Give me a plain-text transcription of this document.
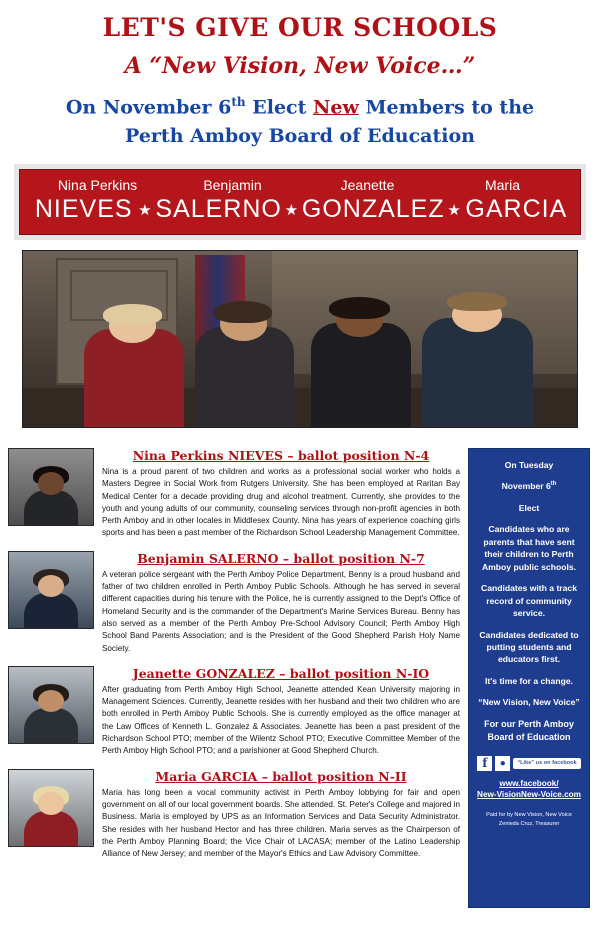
LET'S GIVE OUR SCHOOLS
A “New Vision, New Voice…”
On November 6th Elect New Members to the
Perth Amboy Board of Education
Nina Perkins	Benjamin	Jeanette	Maria
NIEVES ★ SALERNO ★ GONZALEZ ★ GARCIA
Nina Perkins NIEVES – ballot position N-4
Nina is a proud parent of two children and works as a professional social worker who holds a Masters Degree in Social Work from Rutgers University. She has been employed at Raritan Bay Medical Center for a decade providing drug and alcohol treatment. Currently, she provides to the youth and young adults of our community, counseling services through non-profit agencies in both Perth Amboy and in other locales in Middlesex County. Nina has years of experience coaching girls sports and has been a past member of the Richardson School Leadership Management Committee.
Benjamin SALERNO – ballot position N-7
A veteran police sergeant with the Perth Amboy Police Department, Benny is a proud husband and father of two children enrolled in Perth Amboy Public Schools. Although he has served in several different capacities during his tenure with the Police, he is currently assigned to the Dept's Office of Homeland Security and is the commander of the Department's Marine Services Bureau. Benny has also served as a member of the Perth Amboy Pre-School Advisory Council; Perth Amboy High School Band Parents Association; and is the President of the Good Shepherd Parish Holy Name Society.
Jeanette GONZALEZ – ballot position N-IO
After graduating from Perth Amboy High School, Jeanette attended Kean University majoring in Management Sciences. Currently, Jeanette resides with her husband and their two children who are both enrolled in Perth Amboy Public Schools. She is currently employed as the office manager at the Law Offices of Kenneth L. Gonzalez & Associates. Jeanette has been a past president of the Richardson School PTO; member of the Wilentz School PTO; Executive Committee Member of the Perth Amboy High School PTO; and a parishioner at Good Shepherd Church.
Maria GARCIA – ballot position N-II
Maria has long been a vocal community activist in Perth Amboy lobbying for fair and open government on all of our local government boards. She attended. St. Peter's College and majored in Business. Maria is employed by UPS as an Information Services and Data Security Administrator. She resides with her husband Hector and has three children. Maria serves as the Chairperson of the Perth Amboy Planning Board; the Vice Chair of LACASA; member of the Latino Leadership Alliance of New Jersey; and member of the Mayor's Ethics and Law Advisory Committee.

On Tuesday

November 6th

Elect

Candidates who are parents that have sent their children to Perth Amboy public schools.

Candidates with a track record of community service.

Candidates dedicated to putting students and educators first.

It's time for a change.

“New Vision, New Voice”

For our Perth Amboy Board of Education

f	●	“Like” us on facebook
www.facebook/
New-VisionNew-Voice.com
Paid for by New Vision, New Voice
Zenieda Cruz, Treasurer
